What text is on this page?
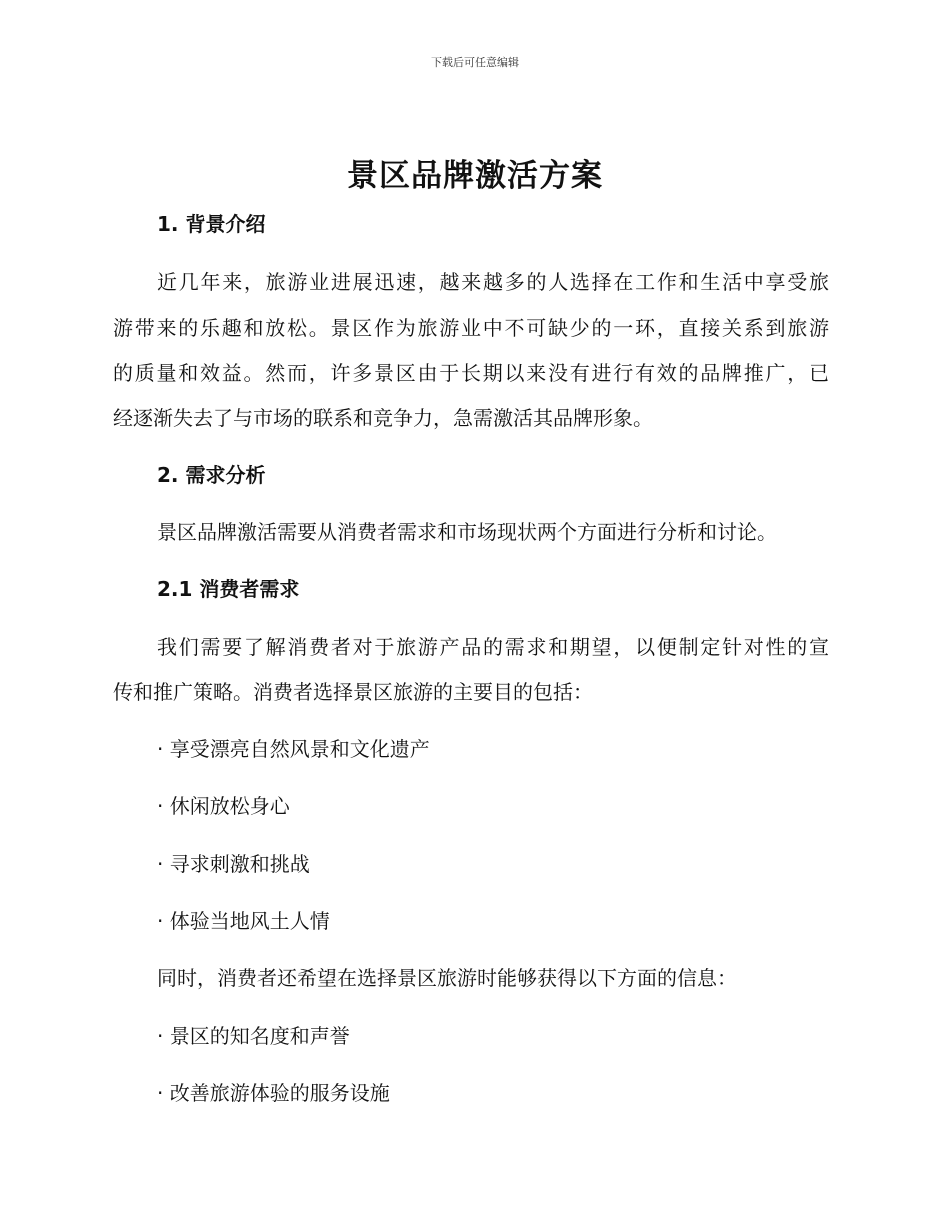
下载后可任意编辑
景区品牌激活方案
1. 背景介绍
近几年来，旅游业进展迅速，越来越多的人选择在工作和生活中享受旅
游带来的乐趣和放松。景区作为旅游业中不可缺少的一环，直接关系到旅游
的质量和效益。然而，许多景区由于长期以来没有进行有效的品牌推广，已
经逐渐失去了与市场的联系和竞争力，急需激活其品牌形象。
2. 需求分析
景区品牌激活需要从消费者需求和市场现状两个方面进行分析和讨论。
2.1 消费者需求
我们需要了解消费者对于旅游产品的需求和期望，以便制定针对性的宣
传和推广策略。消费者选择景区旅游的主要目的包括：
· 享受漂亮自然风景和文化遗产
· 休闲放松身心
· 寻求刺激和挑战
· 体验当地风土人情
同时，消费者还希望在选择景区旅游时能够获得以下方面的信息：
· 景区的知名度和声誉
· 改善旅游体验的服务设施
